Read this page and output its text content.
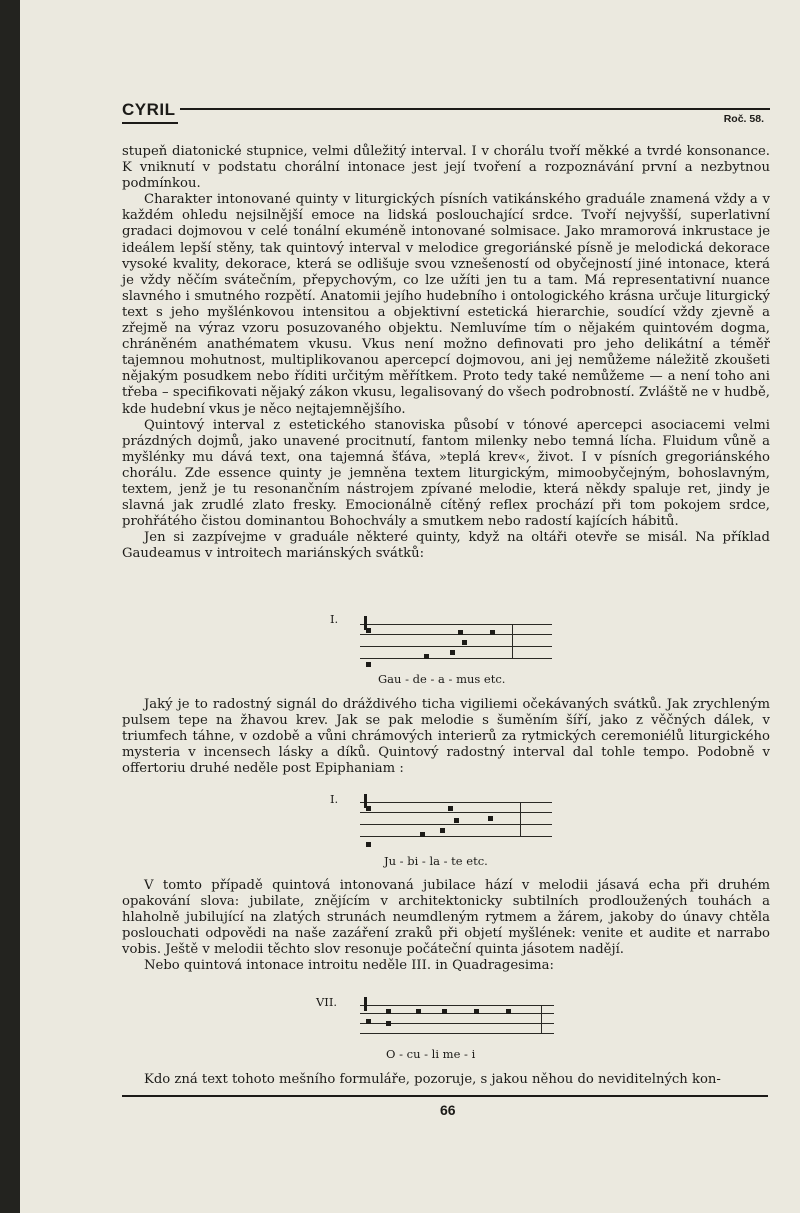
CYRIL	Roč. 58.

stupeň diatonické stupnice, velmi důležitý interval. I v chorálu tvoří měkké a tvrdé konsonance. K vniknutí v podstatu chorální intonace jest její tvoření a rozpoznávání první a nezbytnou podmínkou.

Charakter intonované quinty v liturgických písních vatikánského graduále znamená vždy a v každém ohledu nejsilnější emoce na lidská poslouchající srdce. Tvoří nejvyšší, superlativní gradaci dojmovou v celé tonální ekuméně intonované solmisace. Jako mramorová inkrustace je ideálem lepší stěny, tak quintový interval v melodice gregoriánské písně je melodická dekorace vysoké kvality, dekorace, která se odlišuje svou vznešeností od obyčejností jiné intonace, která je vždy něčím svátečním, přepychovým, co lze užíti jen tu a tam. Má representativní nuance slavného i smutného rozpětí. Anatomii jejího hudebního i ontologického krásna určuje liturgický text s jeho myšlénkovou intensitou a objektivní estetická hierarchie, soudící vždy zjevně a zřejmě na výraz vzoru posuzovaného objektu. Nemluvíme tím o nějakém quintovém dogma, chráněném anathématem vkusu. Vkus není možno definovati pro jeho delikátní a téměř tajemnou mohutnost, multiplikovanou apercepcí dojmovou, ani jej nemůžeme náležitě zkoušeti nějakým posudkem nebo říditi určitým měřítkem. Proto tedy také nemůžeme — a není toho ani třeba – specifikovati nějaký zákon vkusu, legalisovaný do všech podrobností. Zvláště ne v hudbě, kde hudební vkus je něco nejtajemnějšího.

Quintový interval z estetického stanoviska působí v tónové apercepci asociacemi velmi prázdných dojmů, jako unavené procitnutí, fantom milenky nebo temná lícha. Fluidum vůně a myšlénky mu dává text, ona tajemná šťáva, »teplá krev«, život. I v písních gregoriánského chorálu. Zde essence quinty je jemněna textem liturgickým, mimoobyčejným, bohoslavným, textem, jenž je tu resonančním nástrojem zpívané melodie, která někdy spaluje ret, jindy je slavná jak zrudlé zlato fresky. Emocionálně cítěný reflex prochází při tom pokojem srdce, prohřátého čistou dominantou Bohochvály a smutkem nebo radostí kajících hábitů.

Jen si zazpívejme v graduále některé quinty, když na oltáři otevře se misál. Na příklad Gaudeamus v introitech mariánských svátků:

I.
Gau - de - a - mus etc.

Jaký je to radostný signál do dráždivého ticha vigiliemi očekávaných svátků. Jak zrychleným pulsem tepe na žhavou krev. Jak se pak melodie s šuměním šíří, jako z věčných dálek, v triumfech táhne, v ozdobě a vůni chrámových interierů za rytmických ceremoniélů liturgického mysteria v incensech lásky a díků. Quintový radostný interval dal tohle tempo. Podobně v offertoriu druhé neděle post Epiphaniam :

I.
Ju - bi - la - te etc.

V tomto případě quintová intonovaná jubilace hází v melodii jásavá echa při druhém opakování slova: jubilate, znějícím v architektonicky subtilních prodloužených touhách a hlaholně jubilující na zlatých strunách neumdleným rytmem a žárem, jakoby do únavy chtěla poslouchati odpovědi na naše zazáření zraků při objetí myšlének: venite et audite et narrabo vobis. Ještě v melodii těchto slov resonuje počáteční quinta jásotem nadějí.

Nebo quintová intonace introitu neděle III. in Quadragesima:

VII.
O - cu - li me - i

Kdo zná text tohoto mešního formuláře, pozoruje, s jakou něhou do neviditelných kon-

66
